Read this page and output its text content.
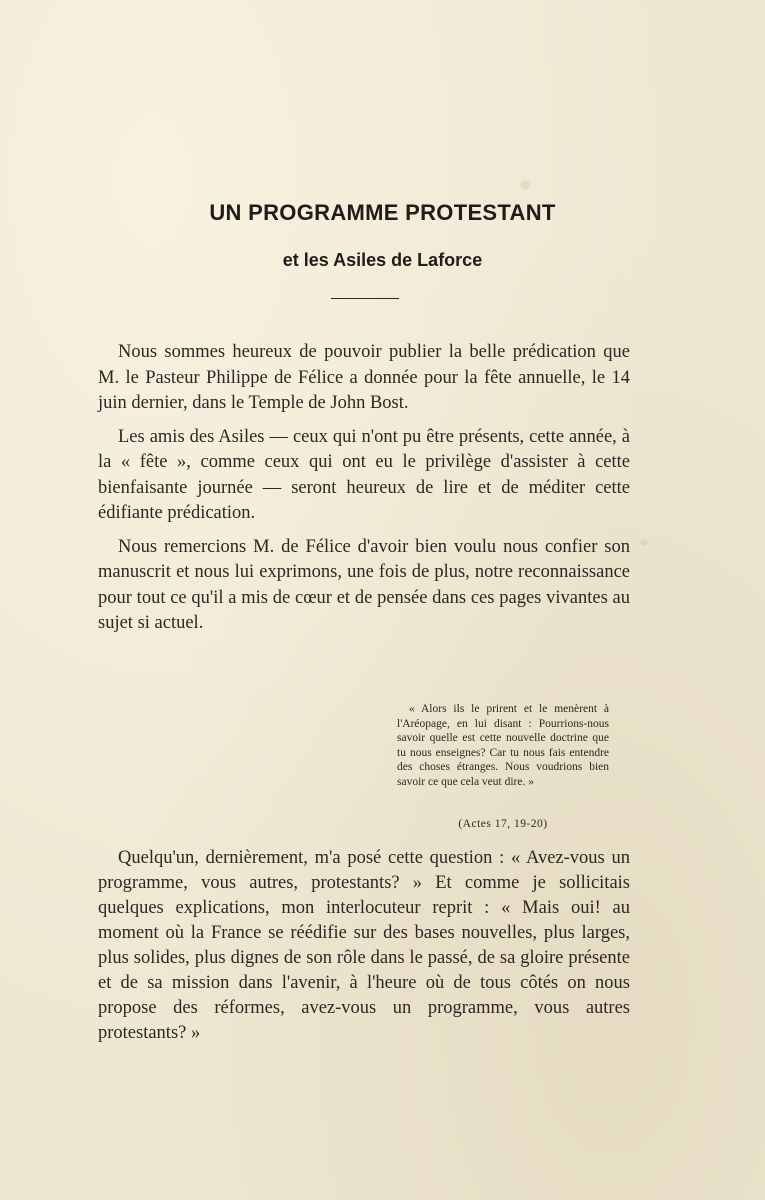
UN PROGRAMME PROTESTANT
et les Asiles de Laforce

Nous sommes heureux de pouvoir publier la belle prédication que M. le Pasteur Philippe de Félice a donnée pour la fête annuelle, le 14 juin dernier, dans le Temple de John Bost.

Les amis des Asiles — ceux qui n'ont pu être présents, cette année, à la « fête », comme ceux qui ont eu le privilège d'assister à cette bienfaisante journée — seront heureux de lire et de méditer cette édifiante prédication.

Nous remercions M. de Félice d'avoir bien voulu nous confier son manuscrit et nous lui exprimons, une fois de plus, notre reconnaissance pour tout ce qu'il a mis de cœur et de pensée dans ces pages vivantes au sujet si actuel.

« Alors ils le prirent et le menèrent à l'Aréopage, en lui disant : Pourrions-nous savoir quelle est cette nouvelle doctrine que tu nous enseignes? Car tu nous fais entendre des choses étranges. Nous voudrions bien savoir ce que cela veut dire. »

(Actes 17, 19-20)

Quelqu'un, dernièrement, m'a posé cette question : « Avez-vous un programme, vous autres, protestants? » Et comme je sollicitais quelques explications, mon interlocuteur reprit : « Mais oui! au moment où la France se réédifie sur des bases nouvelles, plus larges, plus solides, plus dignes de son rôle dans le passé, de sa gloire présente et de sa mission dans l'avenir, à l'heure où de tous côtés on nous propose des réformes, avez-vous un programme, vous autres protestants? »
